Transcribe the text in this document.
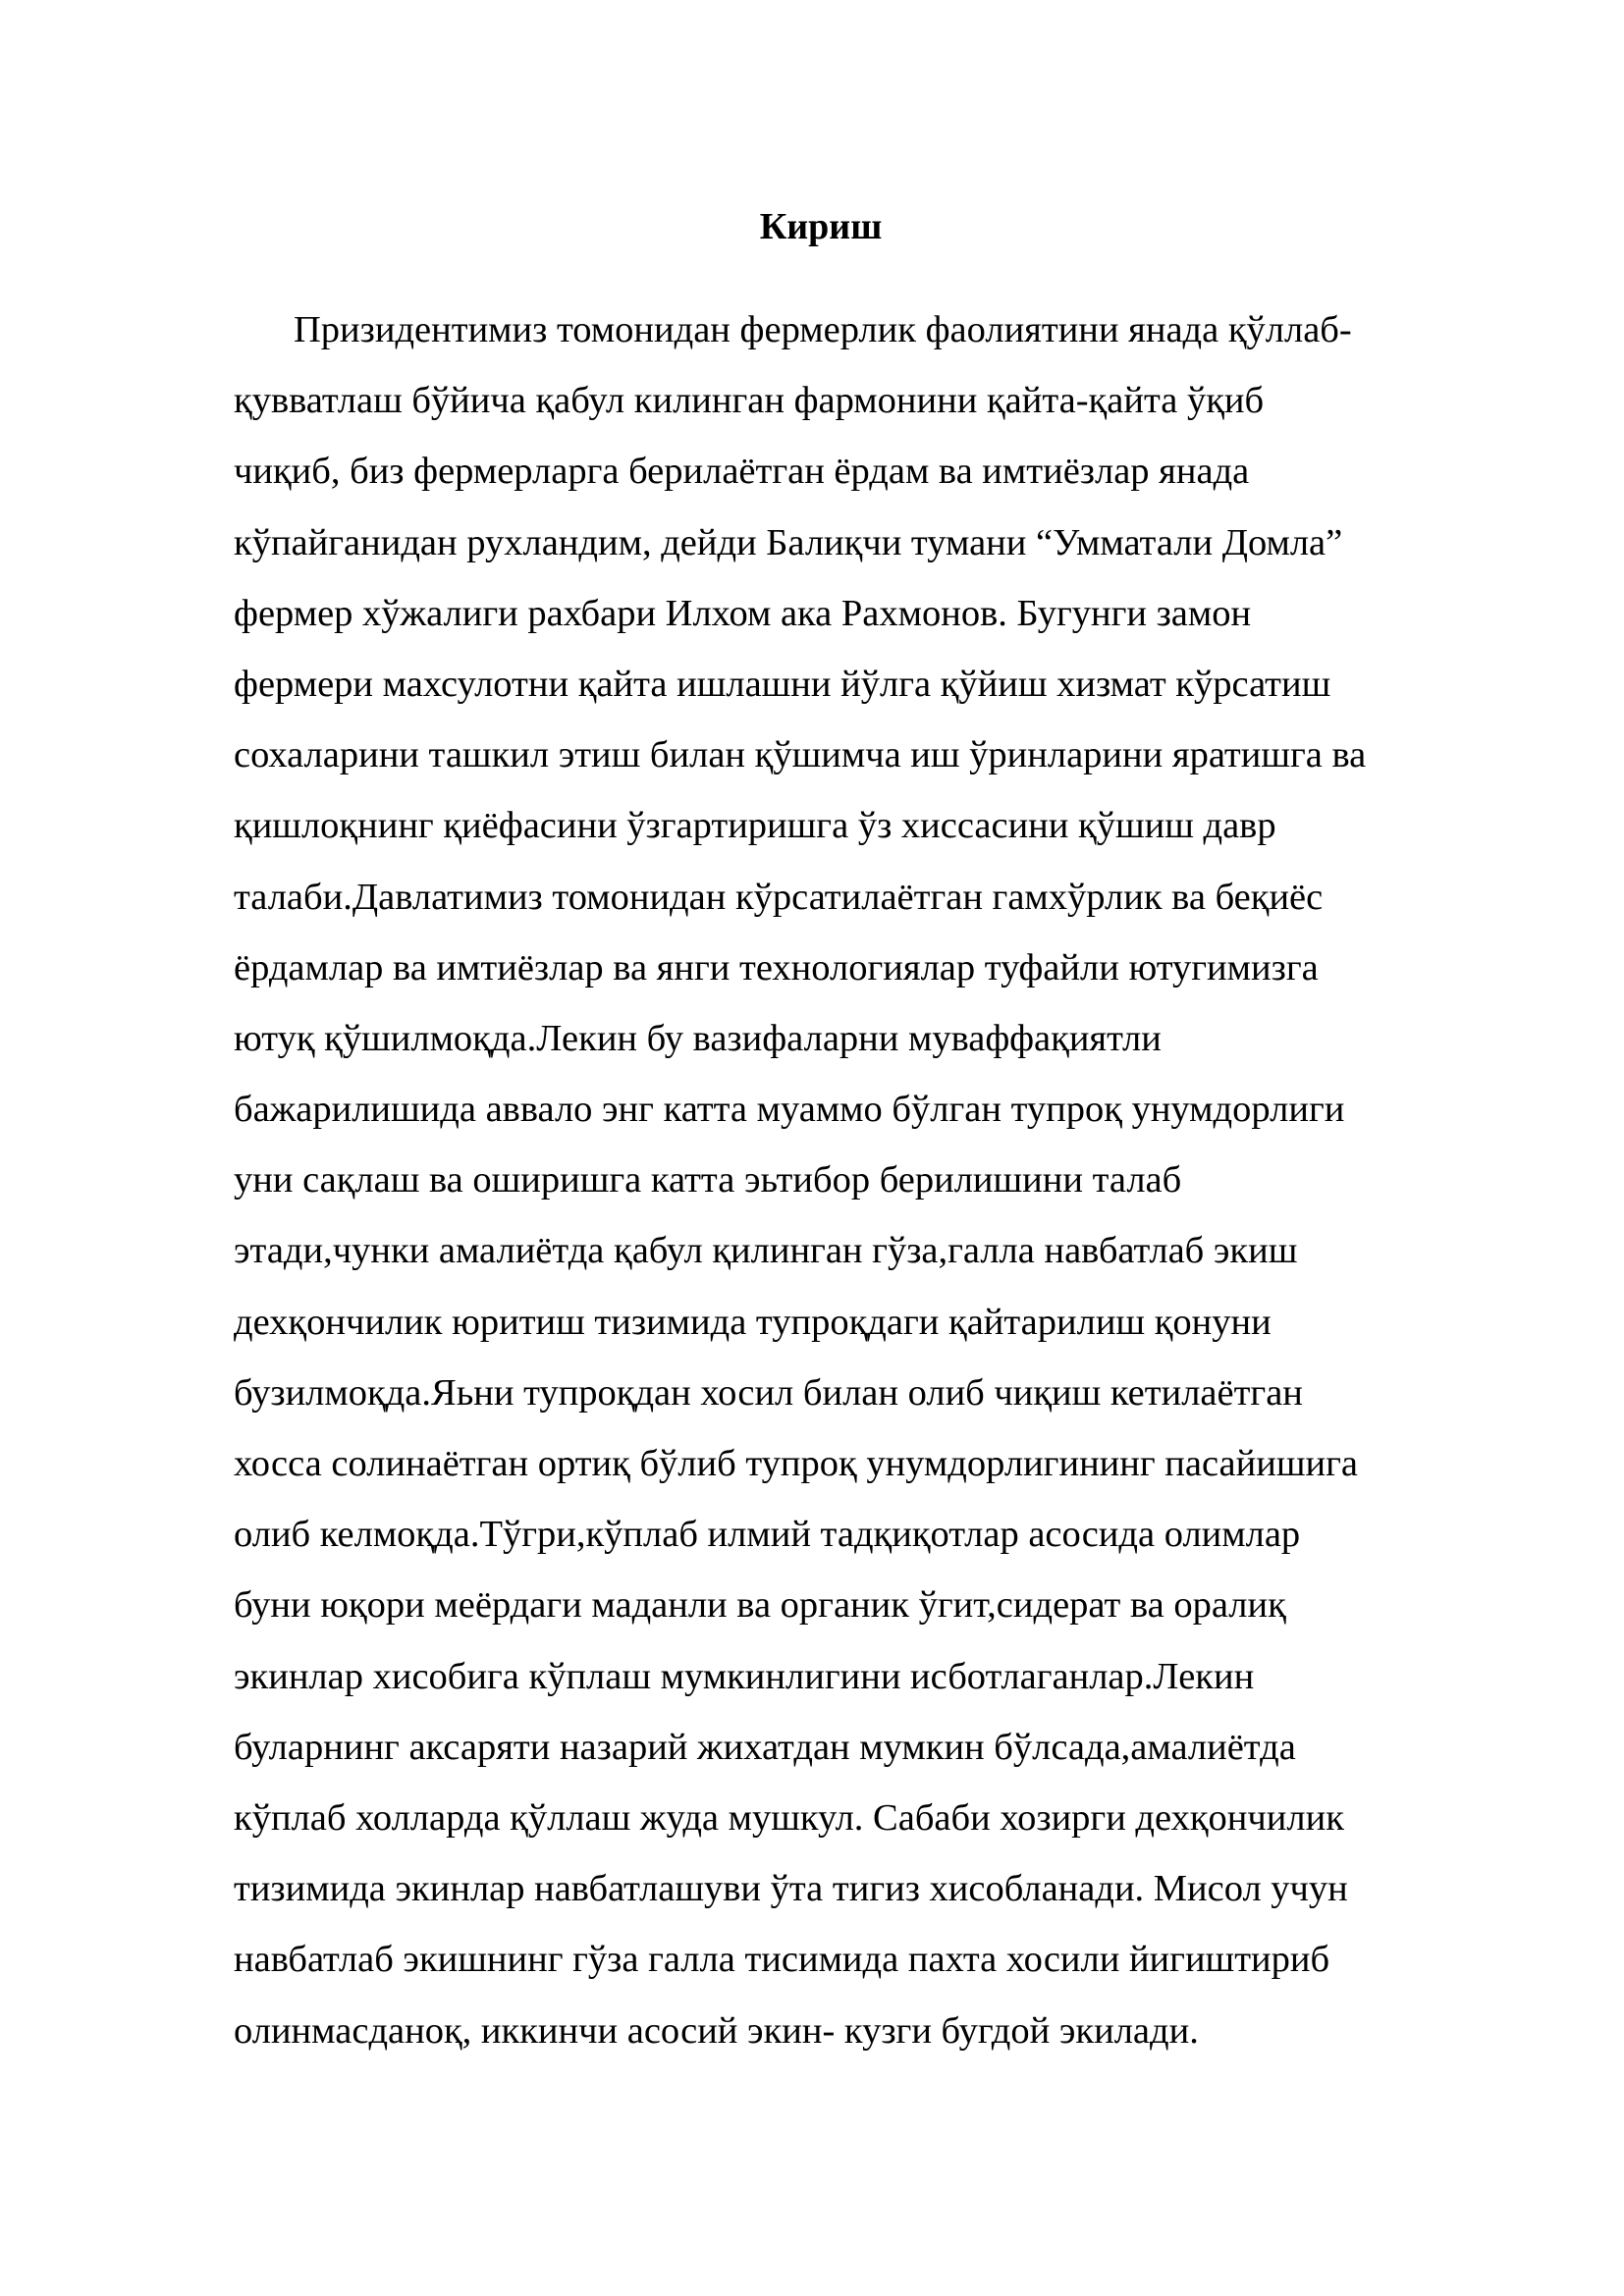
Кириш
Призидентимиз томонидан фермерлик фаолиятини янада қўллаб-
қувватлаш бўйича қабул килинган фармонини қайта-қайта ўқиб
чиқиб, биз фермерларга берилаётган ёрдам ва имтиёзлар янада
кўпайганидан рухландим, дейди Балиқчи тумани “Умматали Домла”
фермер хўжалиги рахбари Илхом ака Рахмонов. Бугунги замон
фермери махсулотни қайта ишлашни йўлга қўйиш хизмат кўрсатиш
сохаларини ташкил этиш билан қўшимча иш ўринларини яратишга ва
қишлоқнинг қиёфасини ўзгартиришга ўз хиссасини қўшиш давр
талаби.Давлатимиз томонидан кўрсатилаётган гамхўрлик ва беқиёс
ёрдамлар ва имтиёзлар ва янги технологиялар туфайли ютугимизга
ютуқ қўшилмоқда.Лекин бу вазифаларни муваффақиятли
бажарилишида аввало энг катта муаммо бўлган тупроқ унумдорлиги
уни сақлаш ва оширишга катта эьтибор берилишини талаб
этади,чунки амалиётда қабул қилинган гўза,галла навбатлаб экиш
дехқончилик юритиш тизимида тупроқдаги қайтарилиш қонуни
бузилмоқда.Яьни тупроқдан хосил билан олиб чиқиш кетилаётган
хосса солинаётган ортиқ бўлиб тупроқ унумдорлигининг пасайишига
олиб келмоқда.Тўгри,кўплаб илмий тадқиқотлар асосида олимлар
буни юқори меёрдаги маданли ва органик ўгит,сидерат ва оралиқ
экинлар хисобига кўплаш мумкинлигини исботлаганлар.Лекин
буларнинг аксаряти назарий жихатдан мумкин бўлсада,амалиётда
кўплаб холларда қўллаш жуда мушкул. Сабаби хозирги дехқончилик
тизимида экинлар навбатлашуви ўта тигиз хисобланади. Мисол учун
навбатлаб экишнинг гўза галла тисимида пахта хосили йигиштириб
олинмасданоқ, иккинчи асосий экин- кузги бугдой экилади.
